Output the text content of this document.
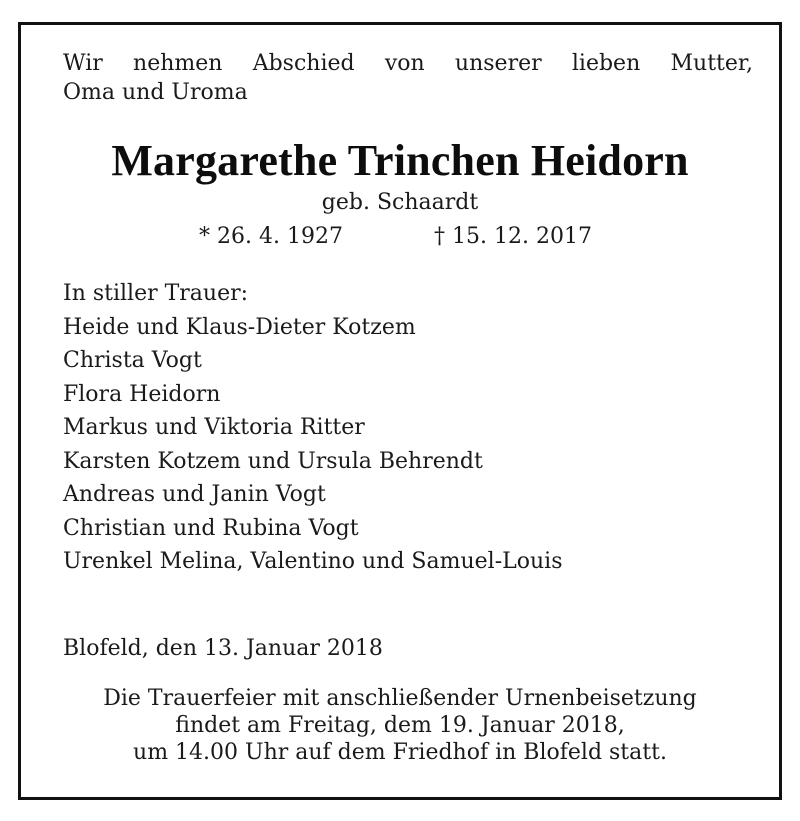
Wir nehmen Abschied von unserer lieben Mutter,
Oma und Uroma
Margarethe Trinchen Heidorn
geb. Schaardt
* 26. 4. 1927	† 15. 12. 2017
In stiller Trauer:
Heide und Klaus-Dieter Kotzem
Christa Vogt
Flora Heidorn
Markus und Viktoria Ritter
Karsten Kotzem und Ursula Behrendt
Andreas und Janin Vogt
Christian und Rubina Vogt
Urenkel Melina, Valentino und Samuel-Louis
Blofeld, den 13. Januar 2018
Die Trauerfeier mit anschließender Urnenbeisetzung
findet am Freitag, dem 19. Januar 2018,
um 14.00 Uhr auf dem Friedhof in Blofeld statt.
